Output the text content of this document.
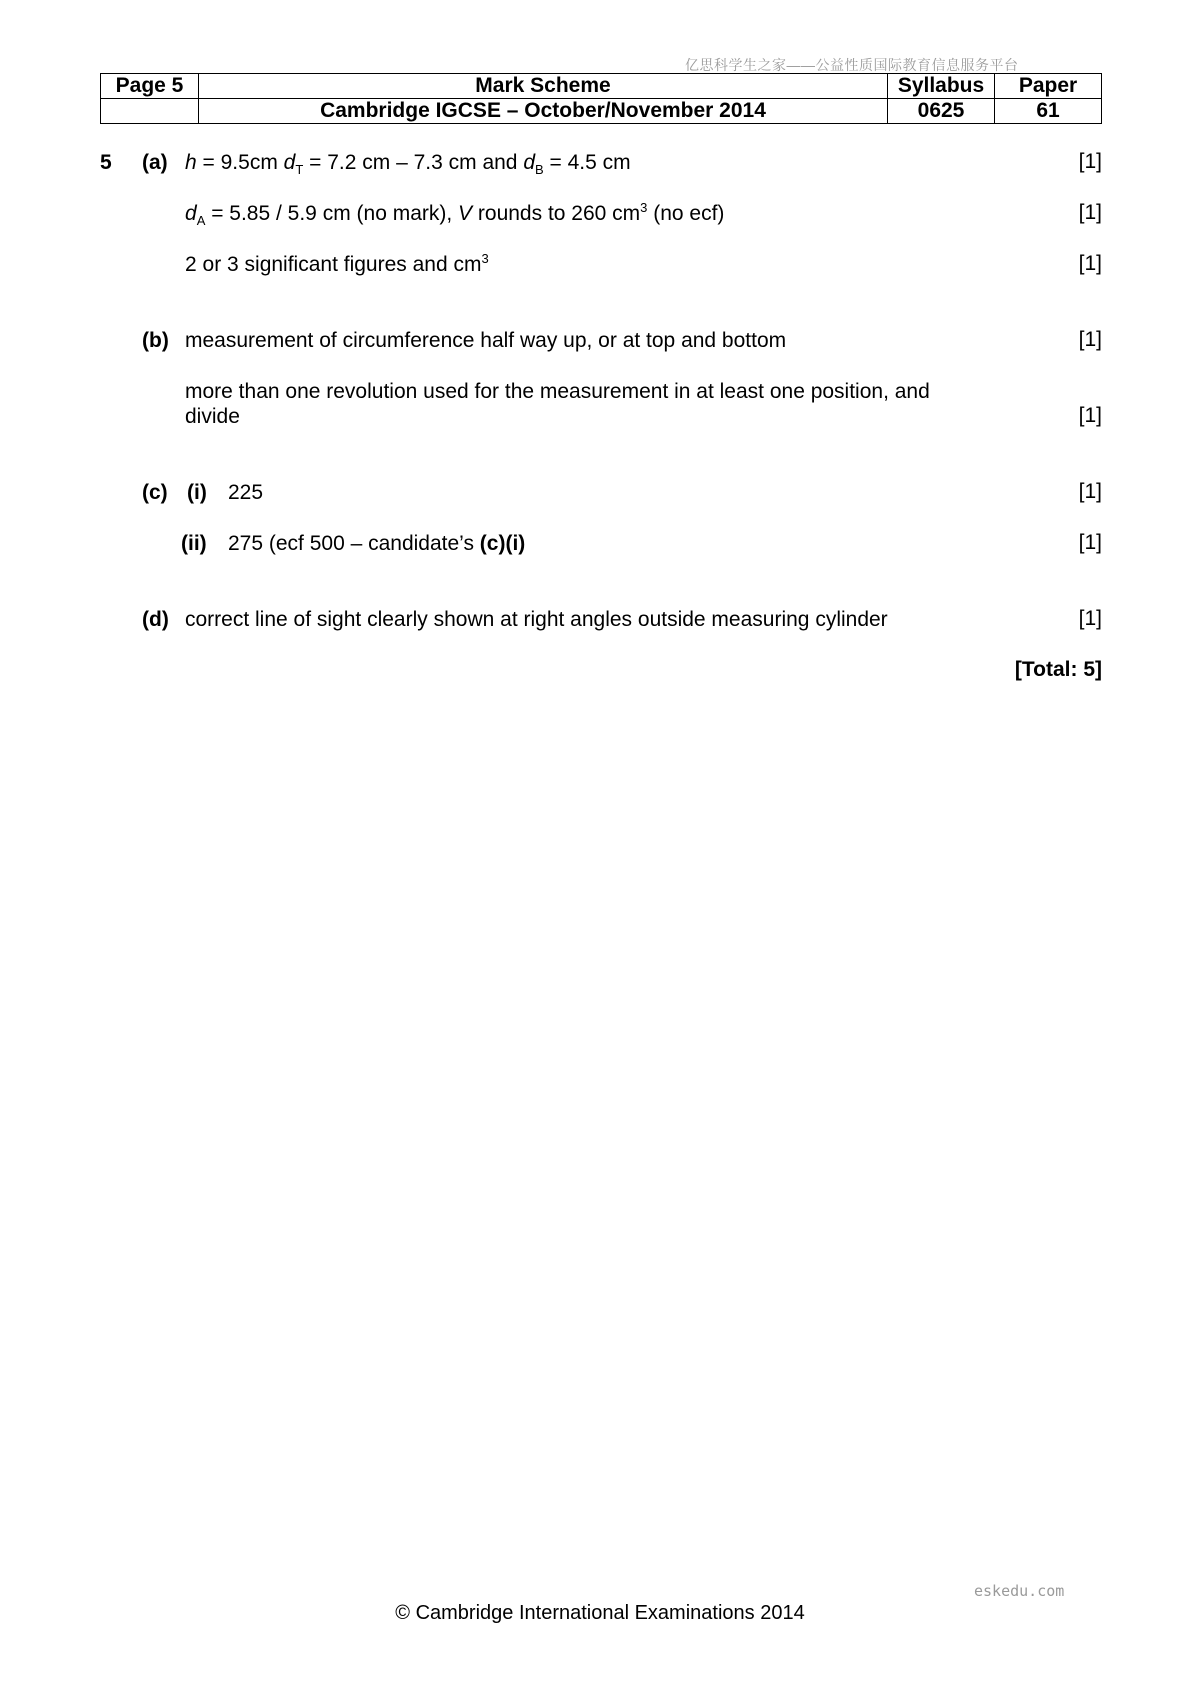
亿思科学生之家——公益性质国际教育信息服务平台
Page 5	Mark Scheme	Syllabus	Paper
	Cambridge IGCSE – October/November 2014	0625	61
5 (a) h = 9.5cm $d_T = 7.2$ cm – 7.3 cm and $d_B = 4.5$ cm	[1]
$d_A = 5.85 / 5.9$ cm (no mark), V rounds to 260 $cm^3$ (no ecf)	[1]
2 or 3 significant figures and $cm^3$	[1]
(b) measurement of circumference half way up, or at top and bottom	[1]
more than one revolution used for the measurement in at least one position, and
divide	[1]
(c) (i) 225	[1]
(ii) 275 (ecf 500 – candidate’s (c)(i)	[1]
(d) correct line of sight clearly shown at right angles outside measuring cylinder	[1]
[Total: 5]
eskedu.com
© Cambridge International Examinations 2014
